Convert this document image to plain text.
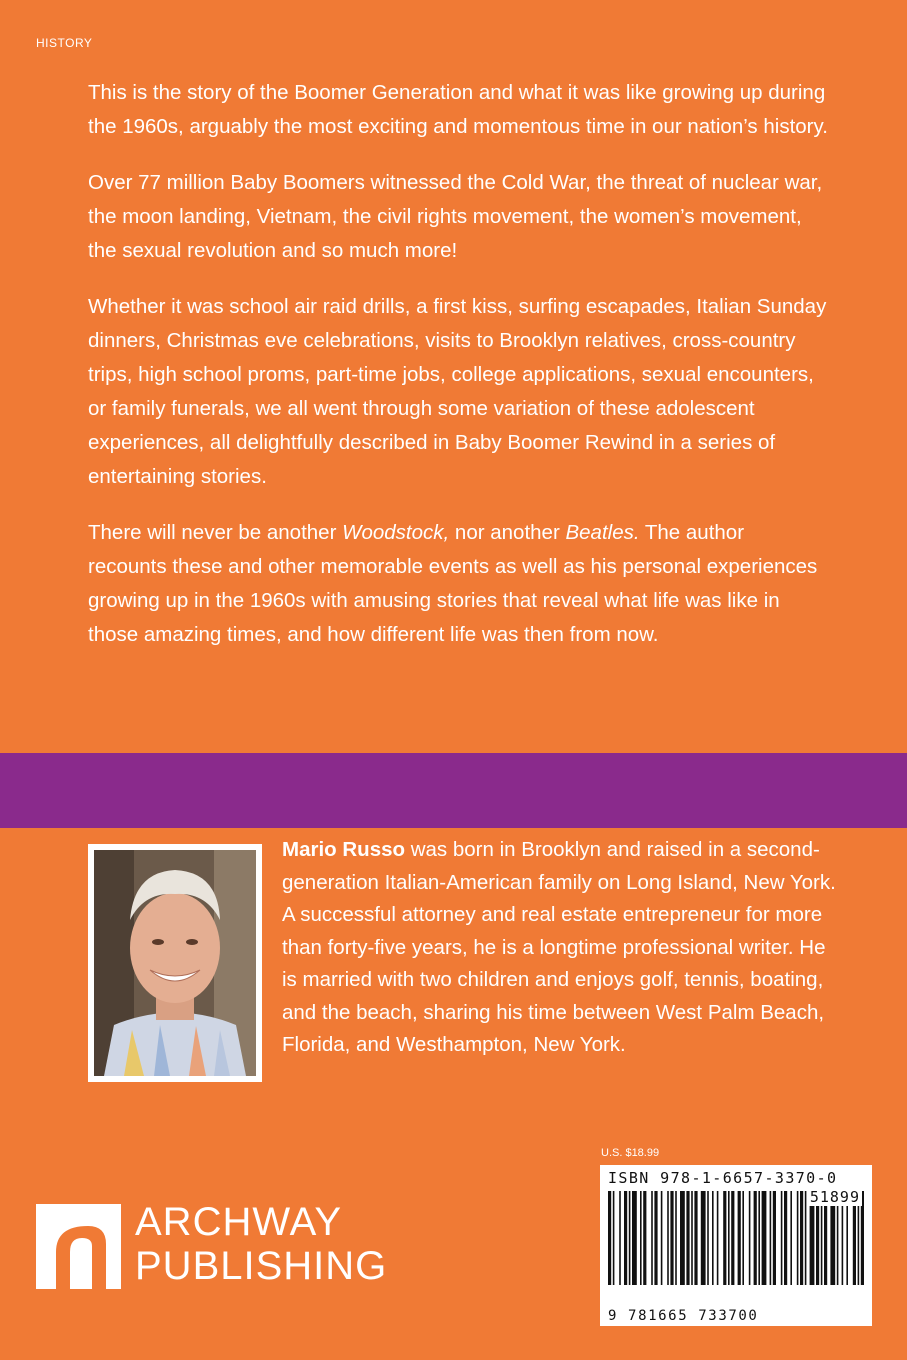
HISTORY

This is the story of the Boomer Generation and what it was like growing up during the 1960s, arguably the most exciting and momentous time in our nation’s history.

Over 77 million Baby Boomers witnessed the Cold War, the threat of nuclear war, the moon landing, Vietnam, the civil rights movement, the women’s movement, the sexual revolution and so much more!

Whether it was school air raid drills, a first kiss, surfing escapades, Italian Sunday dinners, Christmas eve celebrations, visits to Brooklyn relatives, cross-country trips, high school proms, part-time jobs, college applications, sexual encounters, or family funerals, we all went through some variation of these adolescent experiences, all delightfully described in Baby Boomer Rewind in a series of entertaining stories.

There will never be another Woodstock, nor another Beatles. The author recounts these and other memorable events as well as his personal experiences growing up in the 1960s with amusing stories that reveal what life was like in those amazing times, and how different life was then from now.

Mario Russo was born in Brooklyn and raised in a second-generation Italian-American family on Long Island, New York. A successful attorney and real estate entrepreneur for more than forty-five years, he is a longtime professional writer. He is married with two children and enjoys golf, tennis, boating, and the beach, sharing his time between West Palm Beach, Florida, and Westhampton, New York.
U.S. $18.99
ISBN 978-1-6657-3370-0
51899
9 781665 733700
ARCHWAY
PUBLISHING
